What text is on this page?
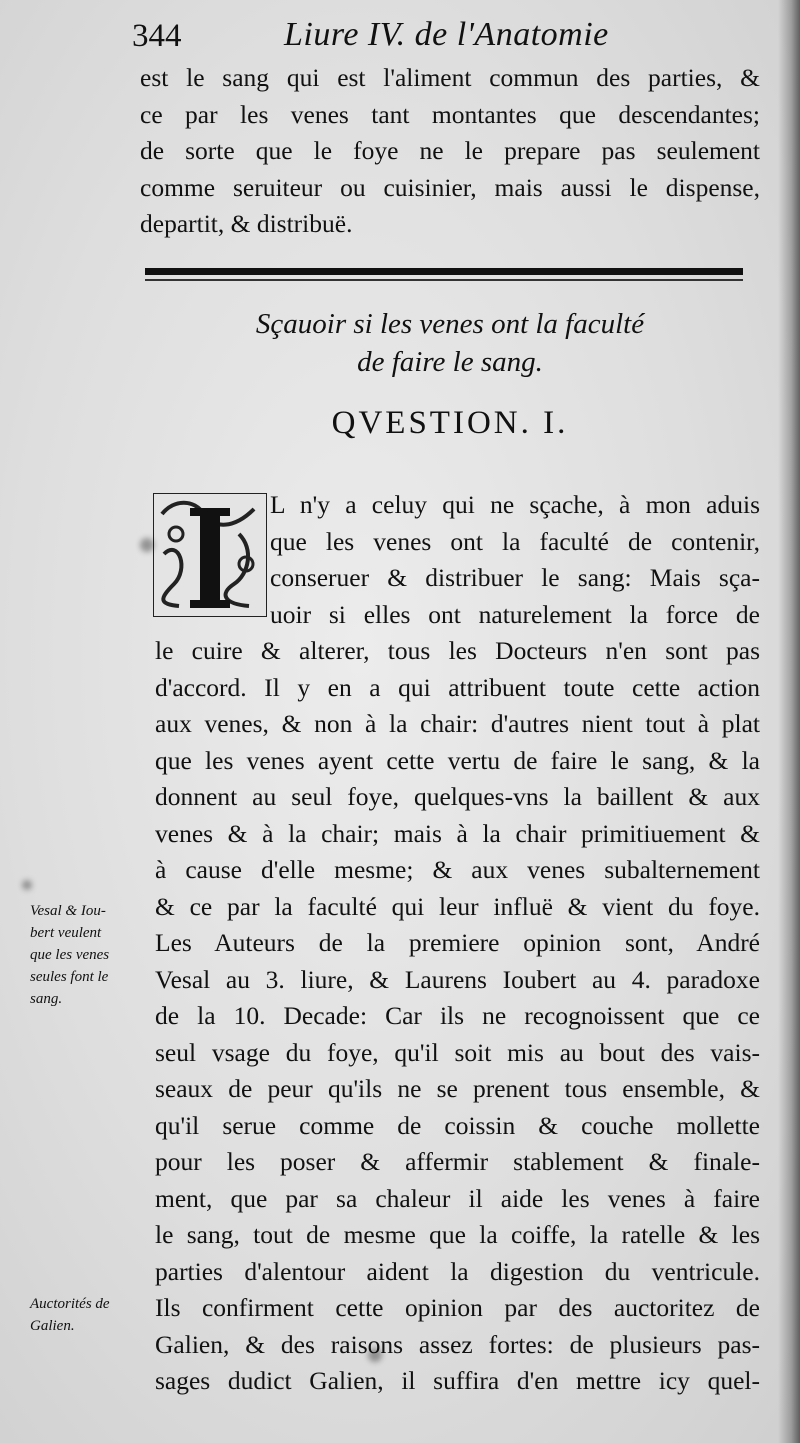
344	Liure IV. de l'Anatomie
est le sang qui est l'aliment commun des parties, &
ce par les venes tant montantes que descendantes;
de sorte que le foye ne le prepare pas seulement
comme seruiteur ou cuisinier, mais aussi le dispense,
departit, & distribuë.
Sçauoir si les venes ont la faculté
de faire le sang.
QVESTION. I.
L n'y a celuy qui ne sçache, à mon aduis
que les venes ont la faculté de contenir,
conseruer & distribuer le sang: Mais sça-
uoir si elles ont naturelement la force de
le cuire & alterer, tous les Docteurs n'en sont pas
d'accord. Il y en a qui attribuent toute cette action
aux venes, & non à la chair: d'autres nient tout à plat
que les venes ayent cette vertu de faire le sang, & la
donnent au seul foye, quelques-vns la baillent & aux
venes & à la chair; mais à la chair primitiuement &
à cause d'elle mesme; & aux venes subalternement
& ce par la faculté qui leur influë & vient du foye.
Les Auteurs de la premiere opinion sont, André
Vesal au 3. liure, & Laurens Ioubert au 4. paradoxe
de la 10. Decade: Car ils ne recognoissent que ce
seul vsage du foye, qu'il soit mis au bout des vais-
seaux de peur qu'ils ne se prenent tous ensemble, &
qu'il serue comme de coissin & couche mollette
pour les poser & affermir stablement & finale-
ment, que par sa chaleur il aide les venes à faire
le sang, tout de mesme que la coiffe, la ratelle & les
parties d'alentour aident la digestion du ventricule.
Ils confirment cette opinion par des auctoritez de
Galien, & des raisons assez fortes: de plusieurs pas-
sages dudict Galien, il suffira d'en mettre icy quel-
Vesal & Iou-
bert veulent
que les venes
seules font le
sang.
Auctorités de
Galien.
